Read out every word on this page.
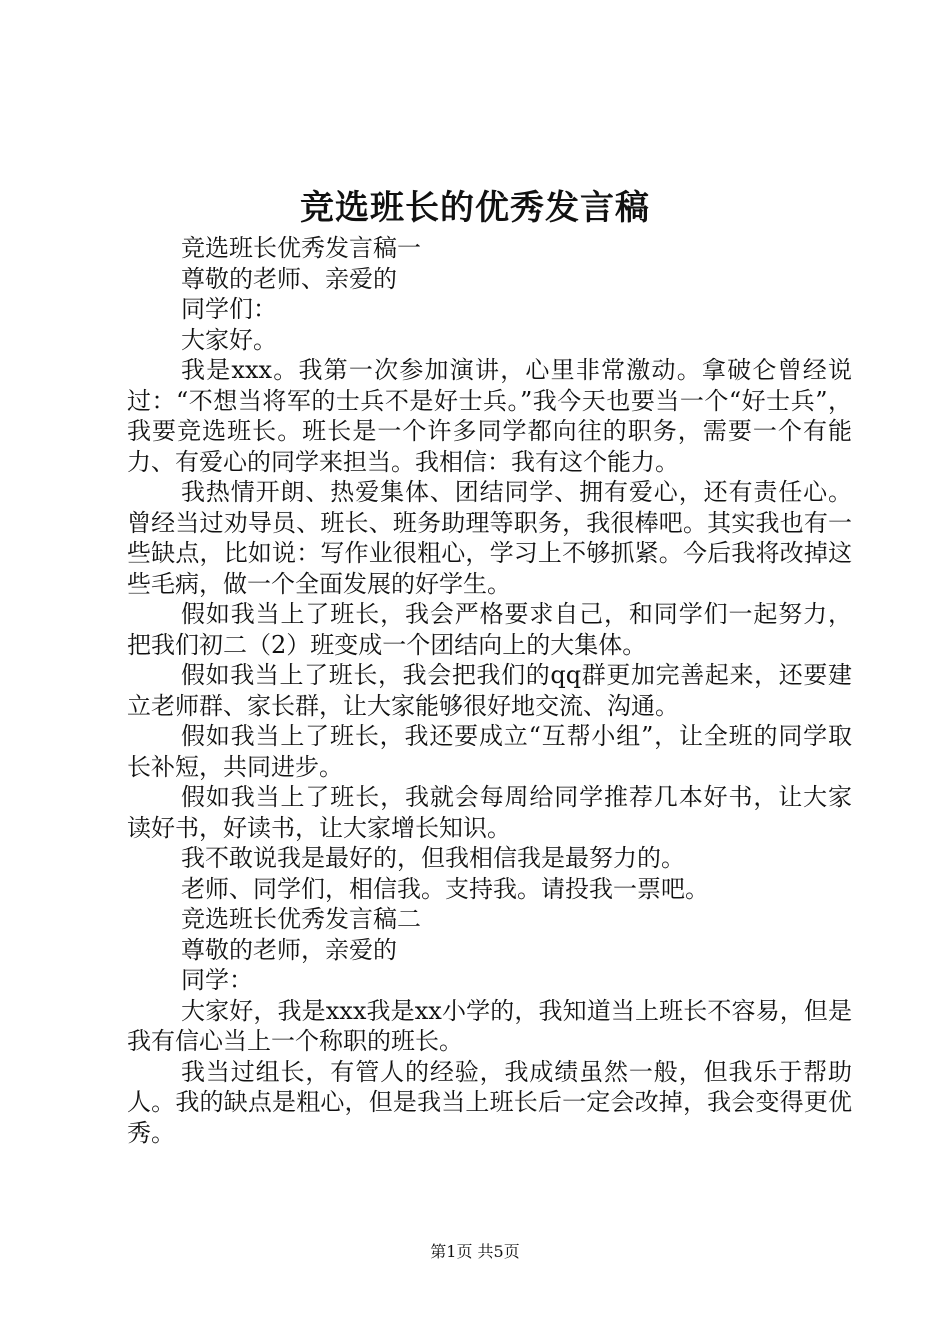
竞选班长的优秀发言稿

竞选班长优秀发言稿一

尊敬的老师、亲爱的

同学们：

大家好。

我是xxx。我第一次参加演讲，心里非常激动。拿破仑曾经说过：“不想当将军的士兵不是好士兵。”我今天也要当一个“好士兵”，我要竞选班长。班长是一个许多同学都向往的职务，需要一个有能力、有爱心的同学来担当。我相信：我有这个能力。

我热情开朗、热爱集体、团结同学、拥有爱心，还有责任心。曾经当过劝导员、班长、班务助理等职务，我很棒吧。其实我也有一些缺点，比如说：写作业很粗心，学习上不够抓紧。今后我将改掉这些毛病，做一个全面发展的好学生。

假如我当上了班长，我会严格要求自己，和同学们一起努力，把我们初二（2）班变成一个团结向上的大集体。

假如我当上了班长，我会把我们的qq群更加完善起来，还要建立老师群、家长群，让大家能够很好地交流、沟通。

假如我当上了班长，我还要成立“互帮小组”，让全班的同学取长补短，共同进步。

假如我当上了班长，我就会每周给同学推荐几本好书，让大家读好书，好读书，让大家增长知识。

我不敢说我是最好的，但我相信我是最努力的。

老师、同学们，相信我。支持我。请投我一票吧。

竞选班长优秀发言稿二

尊敬的老师，亲爱的

同学：

大家好，我是xxx我是xx小学的，我知道当上班长不容易，但是我有信心当上一个称职的班长。

我当过组长，有管人的经验，我成绩虽然一般，但我乐于帮助人。我的缺点是粗心，但是我当上班长后一定会改掉，我会变得更优秀。

第1页 共5页
